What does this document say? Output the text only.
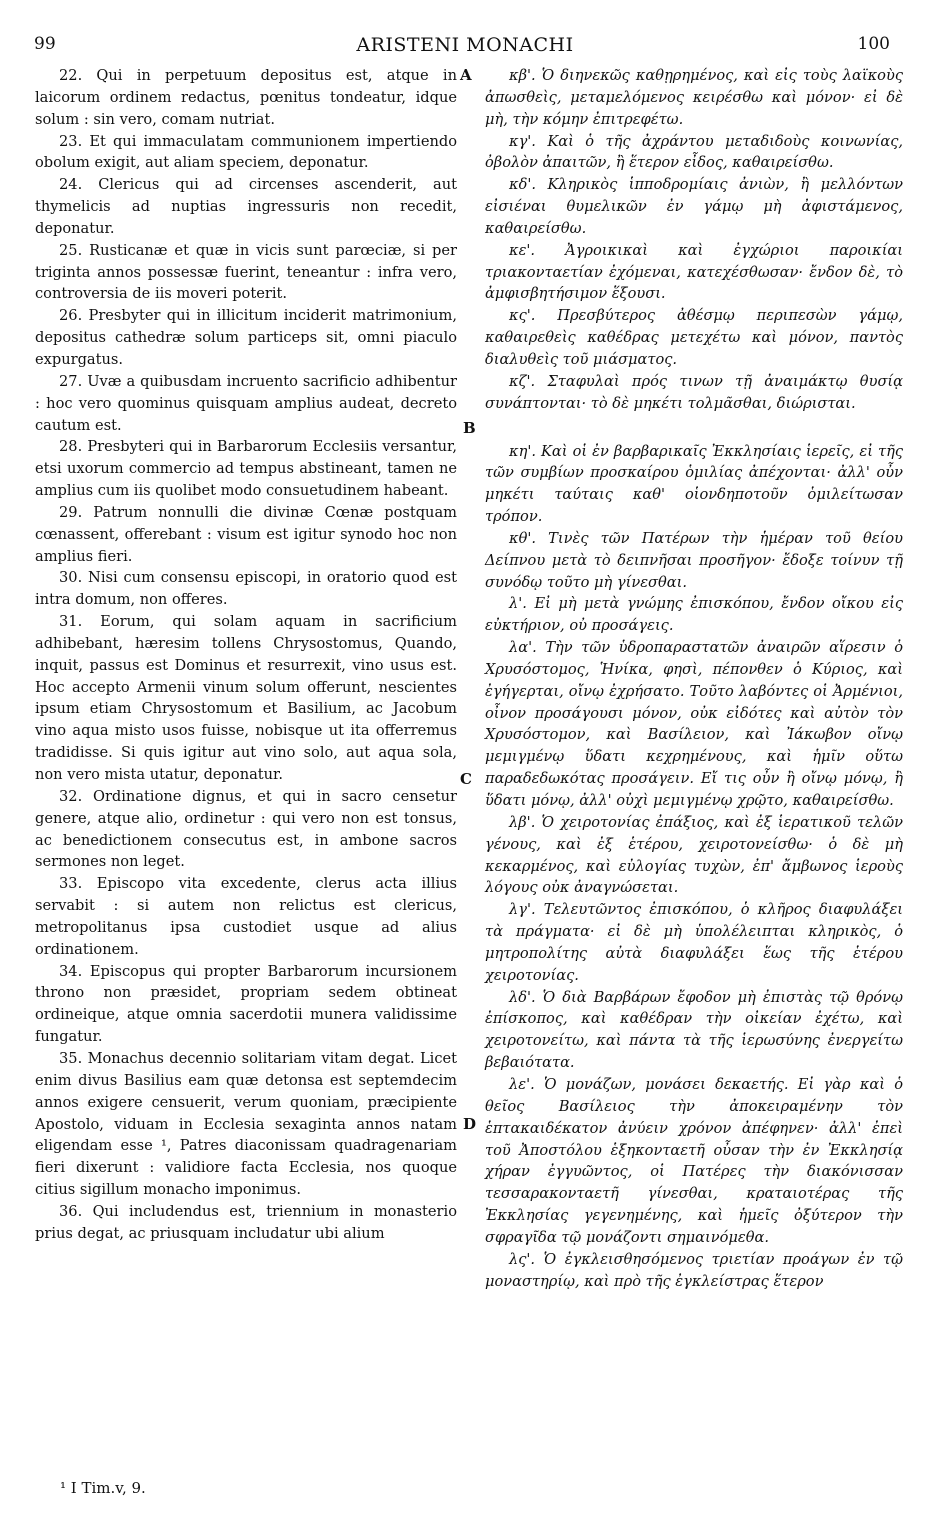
99	ARISTENI MONACHI	100

22. Qui in perpetuum depositus est, atque in laicorum ordinem redactus, pœnitus tondeatur, idque solum : sin vero, comam nutriat.

23. Et qui immaculatam communionem impertiendo obolum exigit, aut aliam speciem, deponatur.

24. Clericus qui ad circenses ascenderit, aut thymelicis ad nuptias ingressuris non recedit, deponatur.

25. Rusticanæ et quæ in vicis sunt parœciæ, si per triginta annos possessæ fuerint, teneantur : infra vero, controversia de iis moveri poterit.

26. Presbyter qui in illicitum inciderit matrimonium, depositus cathedræ solum particeps sit, omni piaculo expurgatus.

27. Uvæ a quibusdam incruento sacrificio adhibentur : hoc vero quominus quisquam amplius audeat, decreto cautum est.

28. Presbyteri qui in Barbarorum Ecclesiis versantur, etsi uxorum commercio ad tempus abstineant, tamen ne amplius cum iis quolibet modo consuetudinem habeant.

29. Patrum nonnulli die divinæ Cœnæ postquam cœnassent, offerebant : visum est igitur synodo hoc non amplius fieri.

30. Nisi cum consensu episcopi, in oratorio quod est intra domum, non offeres.

31. Eorum, qui solam aquam in sacrificium adhibebant, hæresim tollens Chrysostomus, Quando, inquit, passus est Dominus et resurrexit, vino usus est. Hoc accepto Armenii vinum solum offerunt, nescientes ipsum etiam Chrysostomum et Basilium, ac Jacobum vino aqua misto usos fuisse, nobisque ut ita offerremus tradidisse. Si quis igitur aut vino solo, aut aqua sola, non vero mista utatur, deponatur.

32. Ordinatione dignus, et qui in sacro censetur genere, atque alio, ordinetur : qui vero non est tonsus, ac benedictionem consecutus est, in ambone sacros sermones non leget.

33. Episcopo vita excedente, clerus acta illius servabit : si autem non relictus est clericus, metropolitanus ipsa custodiet usque ad alius ordinationem.

34. Episcopus qui propter Barbarorum incursionem throno non præsidet, propriam sedem obtineat ordineique, atque omnia sacerdotii munera validissime fungatur.

35. Monachus decennio solitariam vitam degat. Licet enim divus Basilius eam quæ detonsa est septemdecim annos exigere censuerit, verum quoniam, præcipiente Apostolo, viduam in Ecclesia sexaginta annos natam eligendam esse ¹, Patres diaconissam quadragenariam fieri dixerunt : validiore facta Ecclesia, nos quoque citius sigillum monacho imponimus.

36. Qui includendus est, triennium in monasterio prius degat, ac priusquam includatur ubi alium

A
B
C
D

κβ'. Ὁ διηνεκῶς καθῃρημένος, καὶ εἰς τοὺς λαϊκοὺς ἀπωσθεὶς, μεταμελόμενος κειρέσθω καὶ μόνον· εἰ δὲ μὴ, τὴν κόμην ἐπιτρεφέτω.

κγ'. Καὶ ὁ τῆς ἀχράντου μεταδιδοὺς κοινωνίας, ὀβολὸν ἀπαιτῶν, ἢ ἕτερον εἶδος, καθαιρείσθω.

κδ'. Κληρικὸς ἱπποδρομίαις ἀνιὼν, ἢ μελλόντων εἰσιέναι θυμελικῶν ἐν γάμῳ μὴ ἀφιστάμενος, καθαιρείσθω.

κε'. Ἀγροικικαὶ καὶ ἐγχώριοι παροικίαι τριακονταετίαν ἐχόμεναι, κατεχέσθωσαν· ἔνδον δὲ, τὸ ἀμφισβητήσιμον ἕξουσι.

κς'. Πρεσβύτερος ἀθέσμῳ περιπεσὼν γάμῳ, καθαιρεθεὶς καθέδρας μετεχέτω καὶ μόνον, παντὸς διαλυθεὶς τοῦ μιάσματος.

κζ'. Σταφυλαὶ πρός τινων τῇ ἀναιμάκτῳ θυσίᾳ συνάπτονται· τὸ δὲ μηκέτι τολμᾶσθαι, διώρισται.

κη'. Καὶ οἱ ἐν βαρβαρικαῖς Ἐκκλησίαις ἱερεῖς, εἰ τῆς τῶν συμβίων προσκαίρου ὁμιλίας ἀπέχονται· ἀλλ' οὖν μηκέτι ταύταις καθ' οἱονδηποτοῦν ὁμιλείτωσαν τρόπον.

κθ'. Τινὲς τῶν Πατέρων τὴν ἡμέραν τοῦ θείου Δείπνου μετὰ τὸ δειπνῆσαι προσῆγον· ἔδοξε τοίνυν τῇ συνόδῳ τοῦτο μὴ γίνεσθαι.

λ'. Εἰ μὴ μετὰ γνώμης ἐπισκόπου, ἔνδον οἴκου εἰς εὐκτήριον, οὐ προσάγεις.

λα'. Τὴν τῶν ὑδροπαραστατῶν ἀναιρῶν αἵρεσιν ὁ Χρυσόστομος, Ἡνίκα, φησὶ, πέπονθεν ὁ Κύριος, καὶ ἐγήγερται, οἴνῳ ἐχρήσατο. Τοῦτο λαβόντες οἱ Ἀρμένιοι, οἶνον προσάγουσι μόνον, οὐκ εἰδότες καὶ αὐτὸν τὸν Χρυσόστομον, καὶ Βασίλειον, καὶ Ἰάκωβον οἴνῳ μεμιγμένῳ ὕδατι κεχρημένους, καὶ ἡμῖν οὕτω παραδεδωκότας προσάγειν. Εἴ τις οὖν ἢ οἴνῳ μόνῳ, ἢ ὕδατι μόνῳ, ἀλλ' οὐχὶ μεμιγμένῳ χρῷτο, καθαιρείσθω.

λβ'. Ὁ χειροτονίας ἐπάξιος, καὶ ἐξ ἱερατικοῦ τελῶν γένους, καὶ ἐξ ἑτέρου, χειροτονείσθω· ὁ δὲ μὴ κεκαρμένος, καὶ εὐλογίας τυχὼν, ἐπ' ἄμβωνος ἱεροὺς λόγους οὐκ ἀναγνώσεται.

λγ'. Τελευτῶντος ἐπισκόπου, ὁ κλῆρος διαφυλάξει τὰ πράγματα· εἰ δὲ μὴ ὑπολέλειπται κληρικὸς, ὁ μητροπολίτης αὐτὰ διαφυλάξει ἕως τῆς ἑτέρου χειροτονίας.

λδ'. Ὁ διὰ Βαρβάρων ἔφοδον μὴ ἐπιστὰς τῷ θρόνῳ ἐπίσκοπος, καὶ καθέδραν τὴν οἰκείαν ἐχέτω, καὶ χειροτονείτω, καὶ πάντα τὰ τῆς ἱερωσύνης ἐνεργείτω βεβαιότατα.

λε'. Ὁ μονάζων, μονάσει δεκαετής. Εἰ γὰρ καὶ ὁ θεῖος Βασίλειος τὴν ἀποκειραμένην τὸν ἑπτακαιδέκατον ἀνύειν χρόνον ἀπέφηνεν· ἀλλ' ἐπεὶ τοῦ Ἀποστόλου ἑξηκονταετῆ οὖσαν τὴν ἐν Ἐκκλησίᾳ χήραν ἐγγυῶντος, οἱ Πατέρες τὴν διακόνισσαν τεσσαρακονταετῆ γίνεσθαι, κραταιοτέρας τῆς Ἐκκλησίας γεγενημένης, καὶ ἡμεῖς ὀξύτερον τὴν σφραγῖδα τῷ μονάζοντι σημαινόμεθα.

λς'. Ὁ ἐγκλεισθησόμενος τριετίαν προάγων ἐν τῷ μοναστηρίῳ, καὶ πρὸ τῆς ἐγκλείστρας ἕτερον

¹ I Tim.v, 9.
